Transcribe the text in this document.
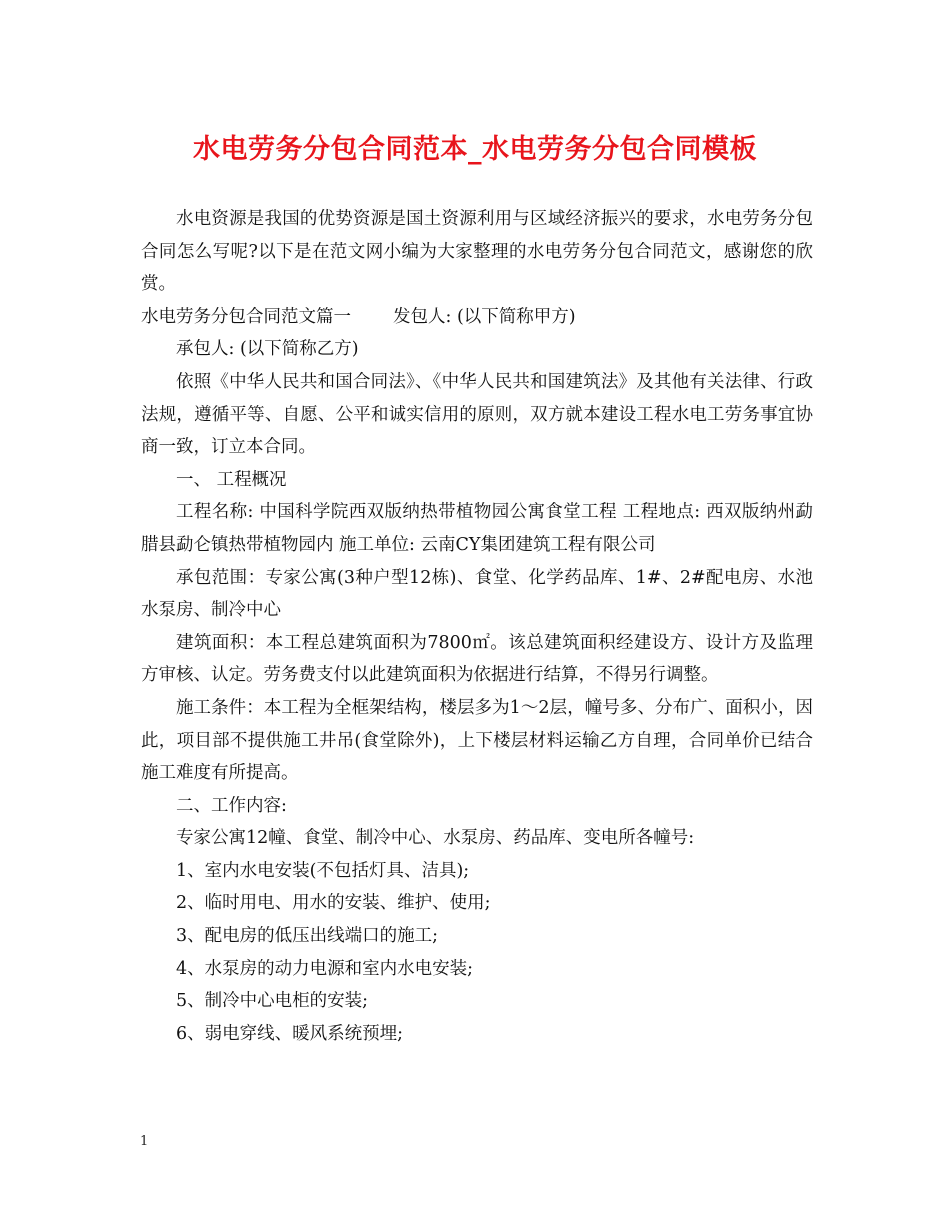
水电劳务分包合同范本_水电劳务分包合同模板

水电资源是我国的优势资源是国土资源利用与区域经济振兴的要求，水电劳务分包合同怎么写呢?以下是在范文网小编为大家整理的水电劳务分包合同范文，感谢您的欣赏。

水电劳务分包合同范文篇一 发包人: (以下简称甲方)

承包人: (以下简称乙方)

依照《中华人民共和国合同法》、《中华人民共和国建筑法》及其他有关法律、行政法规，遵循平等、自愿、公平和诚实信用的原则，双方就本建设工程水电工劳务事宜协商一致，订立本合同。

一、 工程概况

工程名称: 中国科学院西双版纳热带植物园公寓食堂工程 工程地点: 西双版纳州勐腊县勐仑镇热带植物园内 施工单位: 云南CY集团建筑工程有限公司

承包范围：专家公寓(3种户型12栋)、食堂、化学药品库、1#、2#配电房、水池水泵房、制冷中心

建筑面积：本工程总建筑面积为7800㎡。该总建筑面积经建设方、设计方及监理方审核、认定。劳务费支付以此建筑面积为依据进行结算，不得另行调整。

施工条件：本工程为全框架结构，楼层多为1～2层，幢号多、分布广、面积小，因此，项目部不提供施工井吊(食堂除外)，上下楼层材料运输乙方自理，合同单价已结合施工难度有所提高。

二、工作内容:

专家公寓12幢、食堂、制冷中心、水泵房、药品库、变电所各幢号:

1、室内水电安装(不包括灯具、洁具);

2、临时用电、用水的安装、维护、使用;

3、配电房的低压出线端口的施工;

4、水泵房的动力电源和室内水电安装;

5、制冷中心电柜的安装;

6、弱电穿线、暖风系统预埋;

1
